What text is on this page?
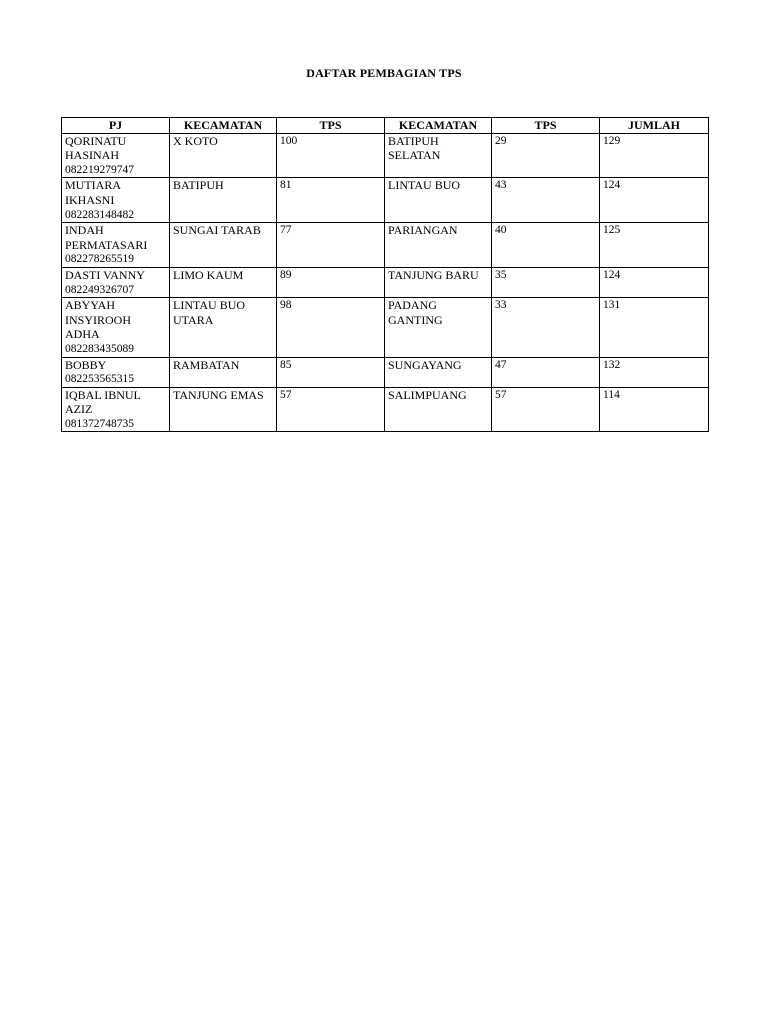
DAFTAR PEMBAGIAN TPS
PJ	KECAMATAN	TPS	KECAMATAN	TPS	JUMLAH

QORINATU HASINAH
082219279747	X KOTO	100	BATIPUH SELATAN	29	129

MUTIARA IKHASNI
082283148482	BATIPUH	81	LINTAU BUO	43	124

INDAH PERMATASARI
082278265519	SUNGAI TARAB	77	PARIANGAN	40	125

DASTI VANNY
082249326707	LIMO KAUM	89	TANJUNG BARU	35	124

ABYYAH INSYIROOH ADHA
082283435089	LINTAU BUO UTARA	98	PADANG GANTING	33	131

BOBBY
082253565315	RAMBATAN	85	SUNGAYANG	47	132

IQBAL IBNUL AZIZ
081372748735	TANJUNG EMAS	57	SALIMPUANG	57	114
